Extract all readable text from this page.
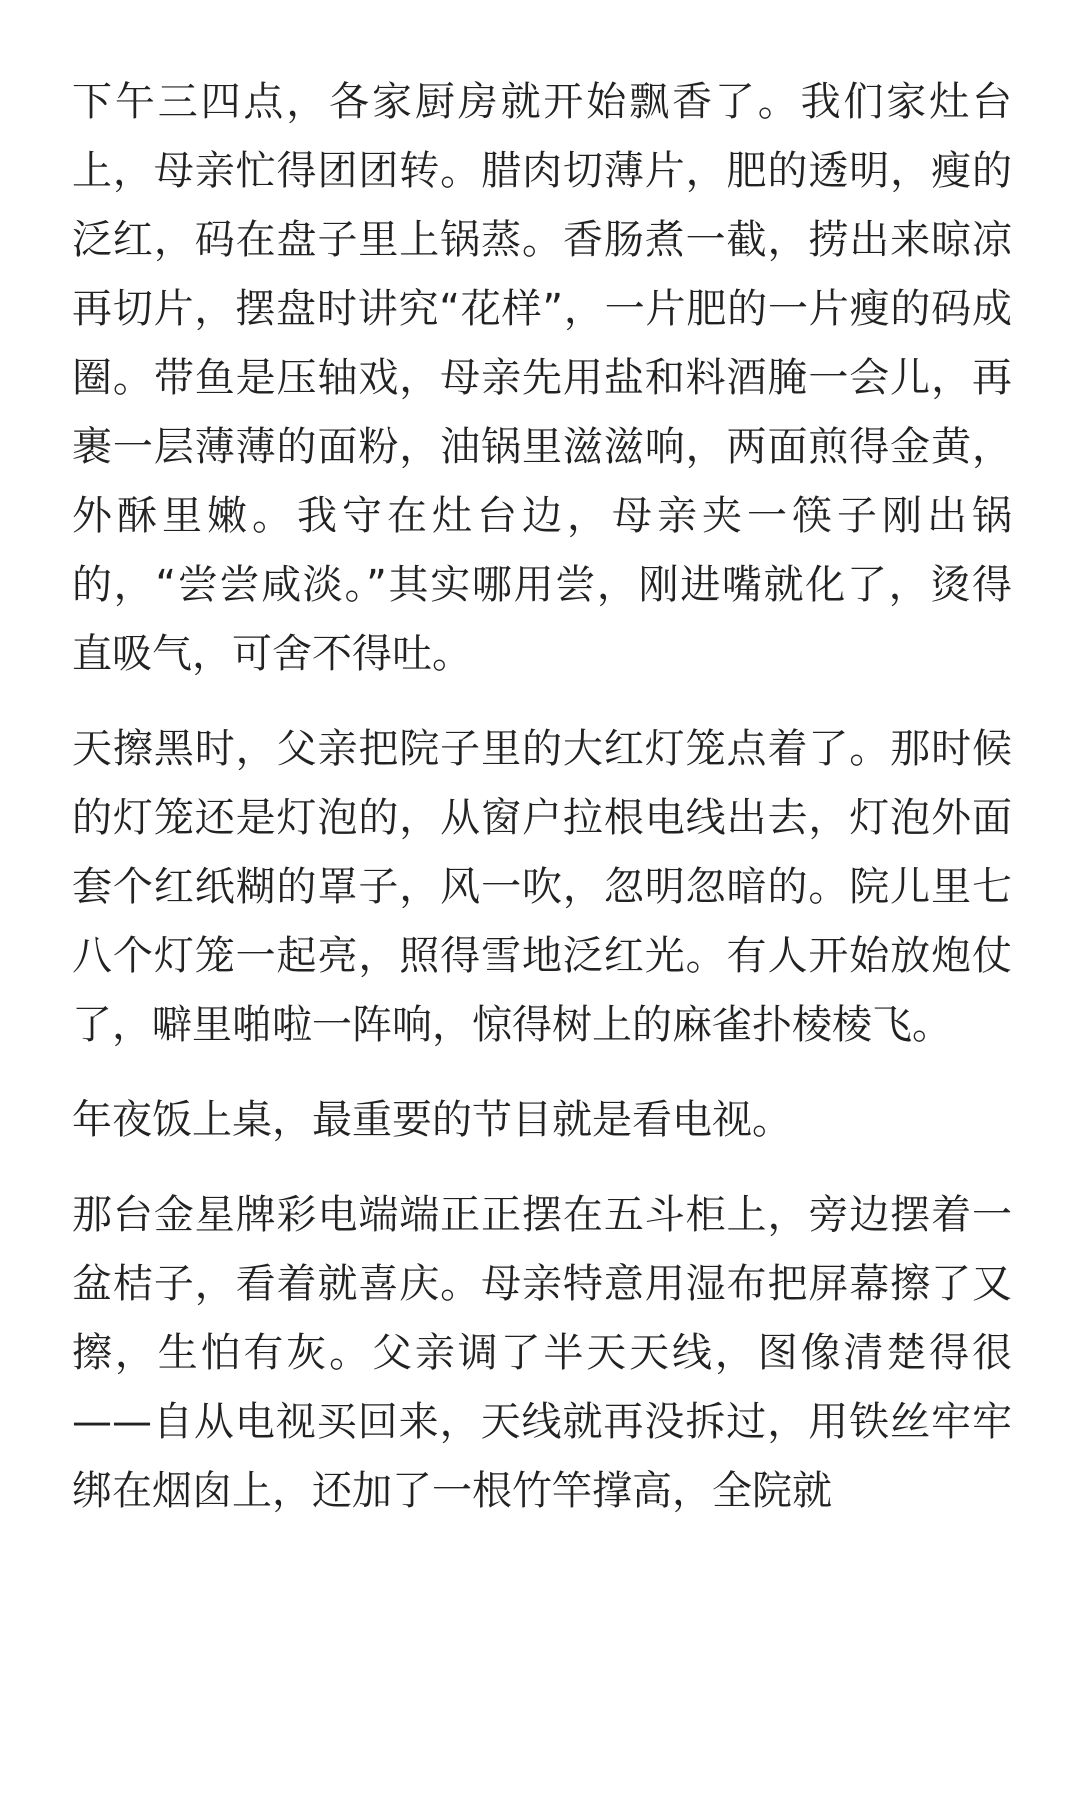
下午三四点，各家厨房就开始飘香了。我们家灶台上，母亲忙得团团转。腊肉切薄片，肥的透明，瘦的泛红，码在盘子里上锅蒸。香肠煮一截，捞出来晾凉再切片，摆盘时讲究“花样”，一片肥的一片瘦的码成圈。带鱼是压轴戏，母亲先用盐和料酒腌一会儿，再裹一层薄薄的面粉，油锅里滋滋响，两面煎得金黄，外酥里嫩。我守在灶台边，母亲夹一筷子刚出锅的，“尝尝咸淡。”其实哪用尝，刚进嘴就化了，烫得直吸气，可舍不得吐。

天擦黑时，父亲把院子里的大红灯笼点着了。那时候的灯笼还是灯泡的，从窗户拉根电线出去，灯泡外面套个红纸糊的罩子，风一吹，忽明忽暗的。院儿里七八个灯笼一起亮，照得雪地泛红光。有人开始放炮仗了，噼里啪啦一阵响，惊得树上的麻雀扑棱棱飞。

年夜饭上桌，最重要的节目就是看电视。

那台金星牌彩电端端正正摆在五斗柜上，旁边摆着一盆桔子，看着就喜庆。母亲特意用湿布把屏幕擦了又擦，生怕有灰。父亲调了半天天线，图像清楚得很——自从电视买回来，天线就再没拆过，用铁丝牢牢绑在烟囱上，还加了一根竹竿撑高，全院就
